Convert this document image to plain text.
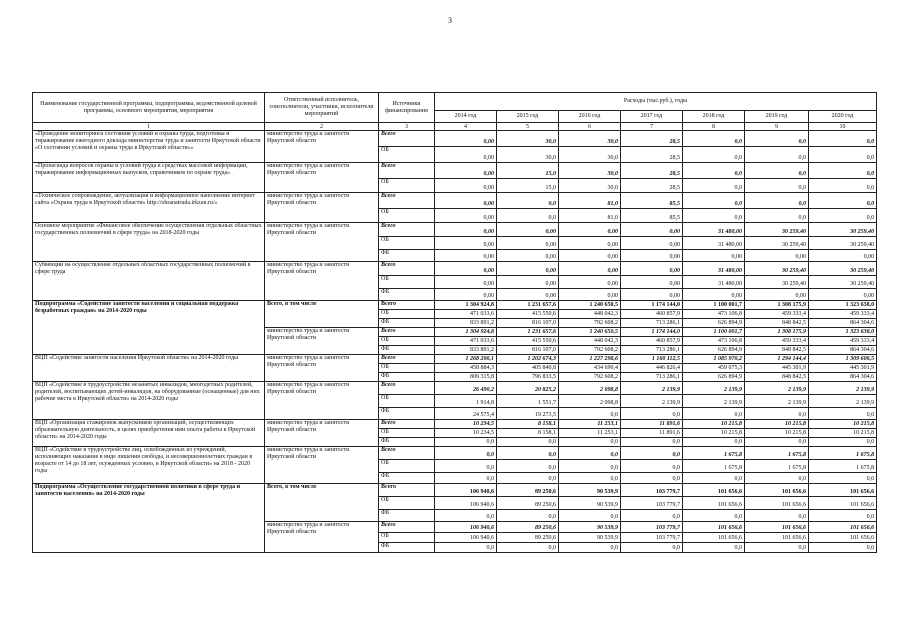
3
Наименование государственной программы, подпрограммы, ведомственной целевой программы, основного мероприятия, мероприятия	Ответственный исполнитель, соисполнители, участники, исполнители мероприятий	Источники финансирования	Расходы (тыс.руб.), годы						
			2014 год	2015 год	2016 год	2017 год	2018 год	2019 год	2020 год
1	2	3	4	5	6	7	8	9	10
«Проведение мониторинга состояния условий и охраны труда, подготовка и тиражирование ежегодного доклада министерства труда и занятости Иркутской области «О состоянии условий и охраны труда в Иркутской области»»	министерство труда и занятости Иркутской области	Всего	0,00	30,0	30,0	28,5	0,0	0,0	0,0
		ОБ	0,00	30,0	30,0	28,5	0,0	0,0	0,0
«Пропаганда вопросов охраны и условий труда в средствах массовой информации, тиражирование информационных выпусков, справочников по охране труда»	министерство труда и занятости Иркутской области	Всего	0,00	15,0	30,0	28,5	0,0	0,0	0,0
		ОБ	0,00	15,0	30,0	28,5	0,0	0,0	0,0
«Техническое сопровождение, актуализация и информационное наполнение интернет сайта «Охрана труда в Иркутской области» http://ohranatruda.irkzan.ru/»	министерство труда и занятости Иркутской области	Всего	0,00	0,0	81,0	85,5	0,0	0,0	0,0
		ОБ	0,00	0,0	81,0	85,5	0,0	0,0	0,0
Основное мероприятие «Финансовое обеспечение осуществления отдельных областных государственных полномочий в сфере труда» на 2018-2020 годы	министерство труда и занятости Иркутской области	Всего	0,00	0,00	0,00	0,00	31 480,00	30 259,40	30 259,40
		ОБ	0,00	0,00	0,00	0,00	31 480,00	30 259,40	30 259,40
		ФБ	0,00	0,00	0,00	0,00	0,00	0,00	0,00
Субвенции на осуществление отдельных областных государственных полномочий в сфере труда	министерство труда и занятости Иркутской области	Всего	0,00	0,00	0,00	0,00	31 480,00	30 259,40	30 259,40
		ОБ	0,00	0,00	0,00	0,00	31 480,00	30 259,40	30 259,40
		ФБ	0,00	0,00	0,00	0,00	0,00	0,00	0,00
Подпрограмма «Содействие занятости населения и социальная поддержка безработных граждан» на 2014-2020 годы	Всего, в том числе	Всего	1 304 924,8	1 231 657,6	1 240 650,5	1 174 144,0	1 100 001,7	1 308 175,9	1 323 638,0
		ОБ	471 033,6	415 550,6	448 042,3	460 857,9	473 106,8	459 333,4	459 333,4
		ФБ	833 891,2	816 107,0	792 608,2	713 286,1	626 894,9	848 842,5	864 304,6
	министерство труда и занятости Иркутской области	Всего	1 304 924,8	1 231 657,6	1 240 650,5	1 174 144,0	1 100 001,7	1 308 175,9	1 323 638,0
		ОБ	471 033,6	415 550,6	448 042,3	460 857,9	473 106,8	459 333,4	459 333,4
		ФБ	833 891,2	816 107,0	792 608,2	713 286,1	626 894,9	848 842,5	864 304,6
ВЦП «Содействие занятости населения Иркутской области» на 2014-2020 годы	министерство труда и занятости Иркутской области	Всего	1 268 200,1	1 202 674,3	1 227 298,6	1 160 112,5	1 085 970,2	1 294 144,4	1 309 606,5
		ОБ	458 884,3	405 840,8	434 690,4	446 826,4	459 075,3	445 301,9	445 301,9
		ФБ	809 315,8	796 833,5	792 608,2	713 286,1	626 894,9	848 842,5	864 304,6
ВЦП «Содействие в трудоустройстве незанятых инвалидов, многодетных родителей, родителей, воспитывающих детей-инвалидов, на оборудованные (оснащенные) для них рабочие места в Иркутской области» на 2014-2020 годы	министерство труда и занятости Иркутской области	Всего	26 490,2	20 825,2	2 098,8	2 139,9	2 139,9	2 139,9	2 139,9
		ОБ	1 914,8	1 551,7	2 098,8	2 139,9	2 139,9	2 139,9	2 139,9
		ФБ	24 575,4	19 273,5	0,0	0,0	0,0	0,0	0,0
ВЦП «Организация стажировок выпускников организаций, осуществляющих образовательную деятельность, в целях приобретения ими опыта работы в Иркутской области» на 2014-2020 годы	министерство труда и занятости Иркутской области	Всего	10 234,5	8 158,1	11 253,1	11 891,6	10 215,8	10 215,8	10 215,8
		ОБ	10 234,5	8 158,1	11 253,1	11 891,6	10 215,8	10 215,8	10 215,8
		ФБ	0,0	0,0	0,0	0,0	0,0	0,0	0,0
ВЦП «Содействие в трудоустройстве лиц, освобожденных из учреждений, исполняющих наказание в виде лишения свободы, и несовершеннолетних граждан в возрасте от 14 до 18 лет, осужденных условно, в Иркутской области» на 2018 - 2020 годы	министерство труда и занятости Иркутской области	Всего	0,0	0,0	0,0	0,0	1 675,8	1 675,8	1 675,8
		ОБ	0,0	0,0	0,0	0,0	1 675,8	1 675,8	1 675,8
		ФБ	0,0	0,0	0,0	0,0	0,0	0,0	0,0
Подпрограмма «Осуществление государственной политики в сфере труда и занятости населения» на 2014-2020 годы	Всего, в том числе	Всего	106 940,6	89 250,6	90 539,9	103 779,7	101 656,6	101 656,6	101 656,6
		ОБ	106 940,6	89 250,6	90 539,9	103 779,7	101 656,6	101 656,6	101 656,6
		ФБ	0,0	0,0	0,0	0,0	0,0	0,0	0,0
	министерство труда и занятости Иркутской области	Всего	106 940,6	89 250,6	90 539,9	103 779,7	101 656,6	101 656,6	101 656,6
		ОБ	106 940,6	89 250,6	90 539,9	103 779,7	101 656,6	101 656,6	101 656,6
		ФБ	0,0	0,0	0,0	0,0	0,0	0,0	0,0
